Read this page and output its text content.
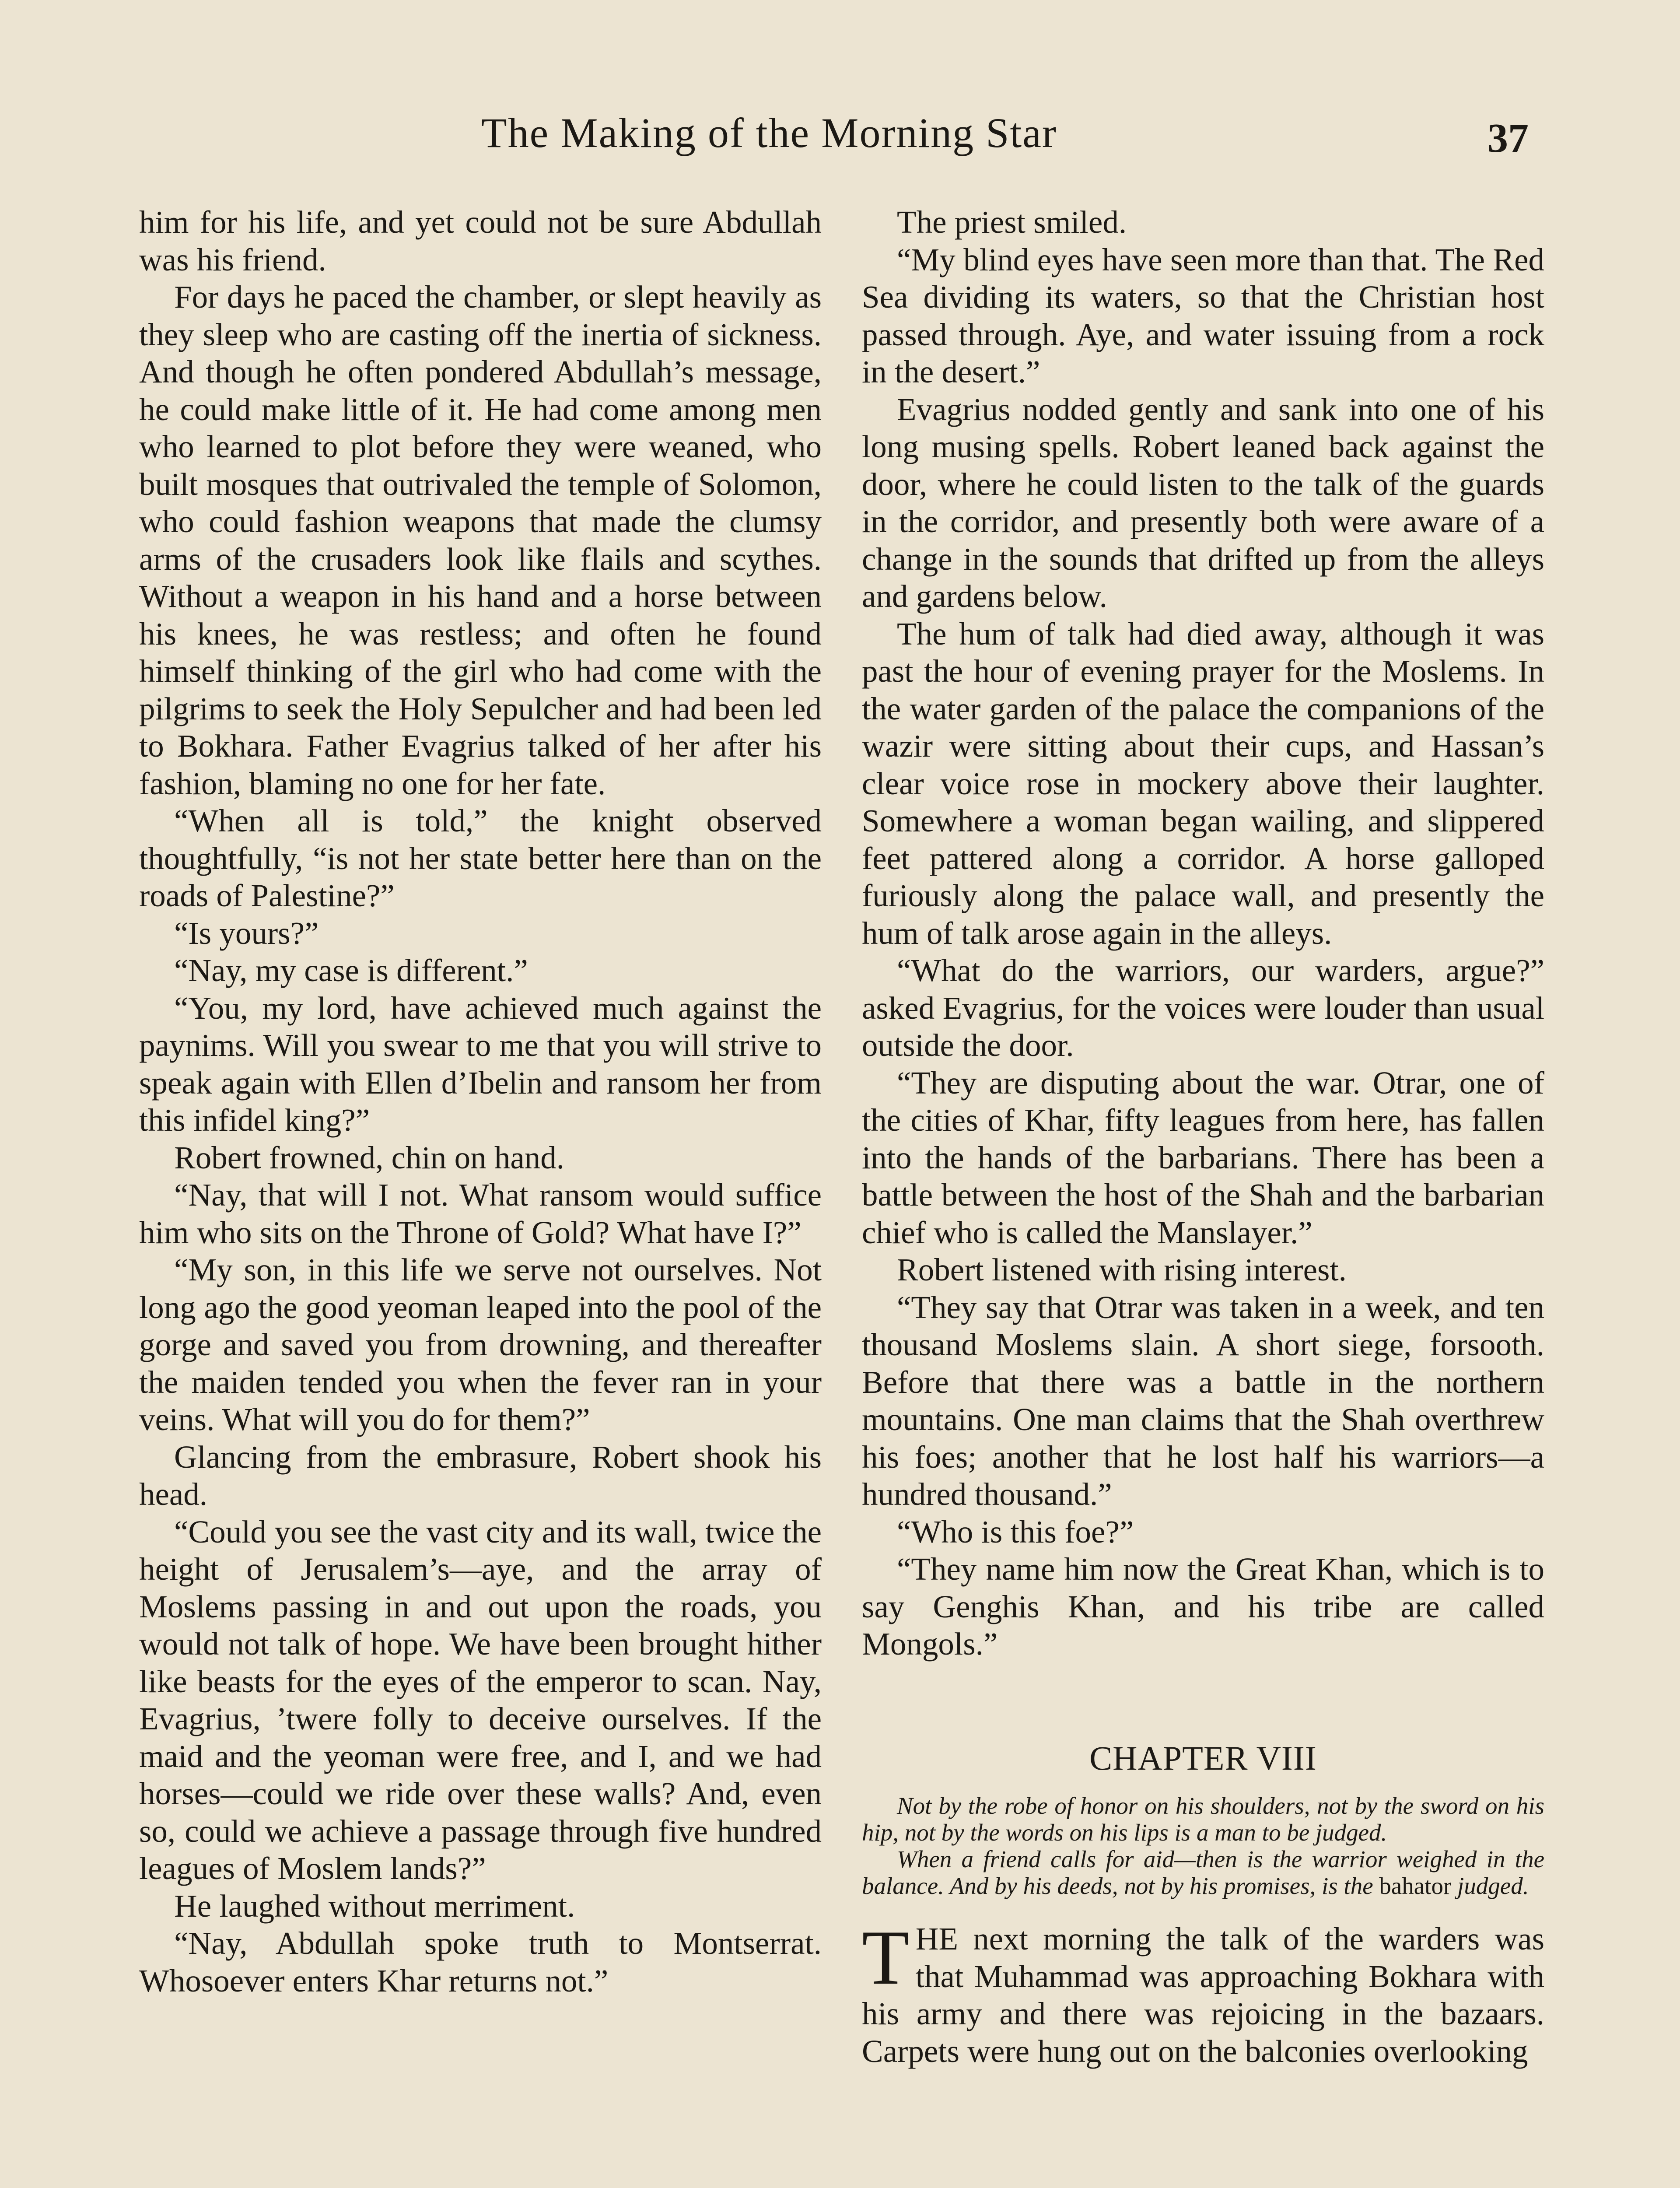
The Making of the Morning Star	37

him for his life, and yet could not be sure Abdullah was his friend.

For days he paced the chamber, or slept heavily as they sleep who are casting off the inertia of sickness. And though he often pondered Abdullah’s message, he could make little of it. He had come among men who learned to plot before they were weaned, who built mosques that outrivaled the temple of Solomon, who could fashion weapons that made the clumsy arms of the crusaders look like flails and scythes. Without a weapon in his hand and a horse between his knees, he was restless; and often he found himself thinking of the girl who had come with the pilgrims to seek the Holy Sepulcher and had been led to Bokhara. Father Evagrius talked of her after his fashion, blaming no one for her fate.

“When all is told,” the knight observed thoughtfully, “is not her state better here than on the roads of Palestine?”

“Is yours?”

“Nay, my case is different.”

“You, my lord, have achieved much against the paynims. Will you swear to me that you will strive to speak again with Ellen d’Ibelin and ransom her from this infidel king?”

Robert frowned, chin on hand.

“Nay, that will I not. What ransom would suffice him who sits on the Throne of Gold? What have I?”

“My son, in this life we serve not ourselves. Not long ago the good yeoman leaped into the pool of the gorge and saved you from drowning, and thereafter the maiden tended you when the fever ran in your veins. What will you do for them?”

Glancing from the embrasure, Robert shook his head.

“Could you see the vast city and its wall, twice the height of Jerusalem’s—aye, and the array of Moslems passing in and out upon the roads, you would not talk of hope. We have been brought hither like beasts for the eyes of the emperor to scan. Nay, Evagrius, ’twere folly to deceive ourselves. If the maid and the yeoman were free, and I, and we had horses—could we ride over these walls? And, even so, could we achieve a passage through five hundred leagues of Moslem lands?”

He laughed without merriment.

“Nay, Abdullah spoke truth to Montserrat. Whosoever enters Khar returns not.”

The priest smiled.

“My blind eyes have seen more than that. The Red Sea dividing its waters, so that the Christian host passed through. Aye, and water issuing from a rock in the desert.”

Evagrius nodded gently and sank into one of his long musing spells. Robert leaned back against the door, where he could listen to the talk of the guards in the corridor, and presently both were aware of a change in the sounds that drifted up from the alleys and gardens below.

The hum of talk had died away, although it was past the hour of evening prayer for the Moslems. In the water garden of the palace the companions of the wazir were sitting about their cups, and Hassan’s clear voice rose in mockery above their laughter. Somewhere a woman began wailing, and slippered feet pattered along a corridor. A horse galloped furiously along the palace wall, and presently the hum of talk arose again in the alleys.

“What do the warriors, our warders, argue?” asked Evagrius, for the voices were louder than usual outside the door.

“They are disputing about the war. Otrar, one of the cities of Khar, fifty leagues from here, has fallen into the hands of the barbarians. There has been a battle between the host of the Shah and the barbarian chief who is called the Manslayer.”

Robert listened with rising interest.

“They say that Otrar was taken in a week, and ten thousand Moslems slain. A short siege, forsooth. Before that there was a battle in the northern mountains. One man claims that the Shah overthrew his foes; another that he lost half his warriors—a hundred thousand.”

“Who is this foe?”

“They name him now the Great Khan, which is to say Genghis Khan, and his tribe are called Mongols.”

CHAPTER VIII
Not by the robe of honor on his shoulders, not by the sword on his hip, not by the words on his lips is a man to be judged.
When a friend calls for aid—then is the warrior weighed in the balance. And by his deeds, not by his promises, is the bahator judged.

THE next morning the talk of the warders was that Muhammad was approaching Bokhara with his army and there was rejoicing in the bazaars. Carpets were hung out on the balconies overlooking
